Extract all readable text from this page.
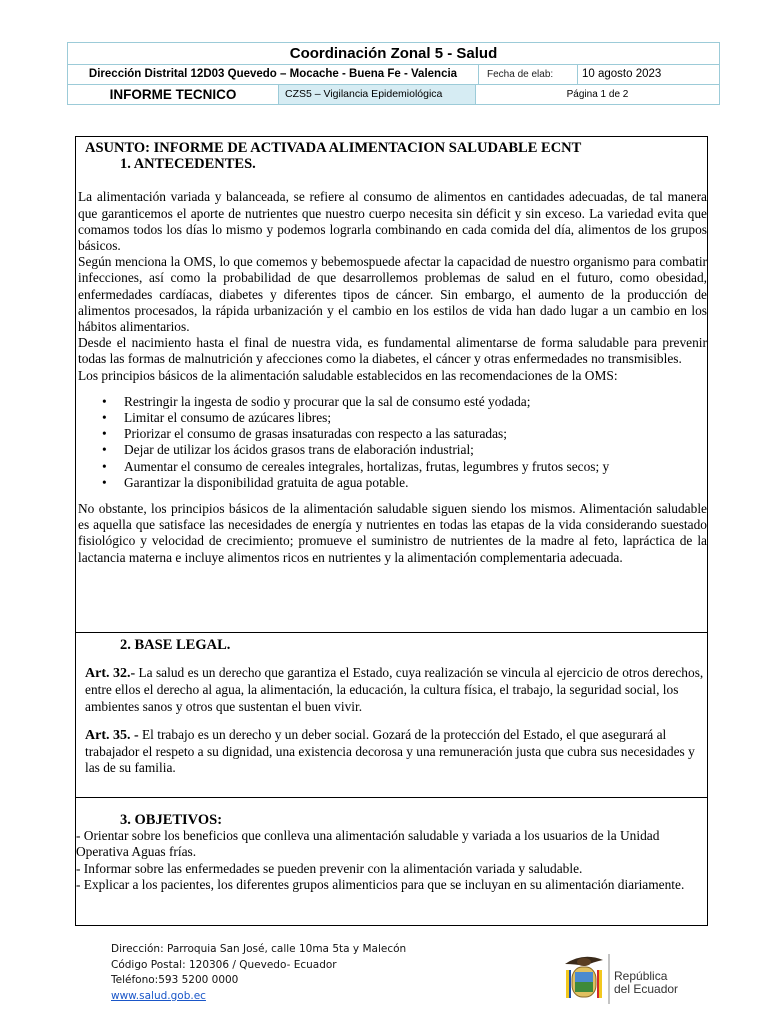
Coordinación Zonal 5 - Salud
Dirección Distrital 12D03 Quevedo – Mocache - Buena Fe - Valencia	Fecha de elab:	10 agosto 2023
INFORME TECNICO	CZS5 – Vigilancia Epidemiológica	Página 1 de 2
ASUNTO: INFORME DE ACTIVADA ALIMENTACION SALUDABLE ECNT
1. ANTECEDENTES.

La alimentación variada y balanceada, se refiere al consumo de alimentos en cantidades adecuadas, de tal manera que garanticemos el aporte de nutrientes que nuestro cuerpo necesita sin déficit y sin exceso. La variedad evita que comamos todos los días lo mismo y podemos lograrla combinando en cada comida del día, alimentos de los grupos básicos.

Según menciona la OMS, lo que comemos y bebemospuede afectar la capacidad de nuestro organismo para combatir infecciones, así como la probabilidad de que desarrollemos problemas de salud en el futuro, como obesidad, enfermedades cardíacas, diabetes y diferentes tipos de cáncer. Sin embargo, el aumento de la producción de alimentos procesados, la rápida urbanización y el cambio en los estilos de vida han dado lugar a un cambio en los hábitos alimentarios.

Desde el nacimiento hasta el final de nuestra vida, es fundamental alimentarse de forma saludable para prevenir todas las formas de malnutrición y afecciones como la diabetes, el cáncer y otras enfermedades no transmisibles.

Los principios básicos de la alimentación saludable establecidos en las recomendaciones de la OMS:

• Restringir la ingesta de sodio y procurar que la sal de consumo esté yodada;
• Limitar el consumo de azúcares libres;
• Priorizar el consumo de grasas insaturadas con respecto a las saturadas;
• Dejar de utilizar los ácidos grasos trans de elaboración industrial;
• Aumentar el consumo de cereales integrales, hortalizas, frutas, legumbres y frutos secos; y
• Garantizar la disponibilidad gratuita de agua potable.

No obstante, los principios básicos de la alimentación saludable siguen siendo los mismos. Alimentación saludable es aquella que satisface las necesidades de energía y nutrientes en todas las etapas de la vida considerando suestado fisiológico y velocidad de crecimiento; promueve el suministro de nutrientes de la madre al feto, lapráctica de la lactancia materna e incluye alimentos ricos en nutrientes y la alimentación complementaria adecuada.

2. BASE LEGAL.

Art. 32.- La salud es un derecho que garantiza el Estado, cuya realización se vincula al ejercicio de otros derechos, entre ellos el derecho al agua, la alimentación, la educación, la cultura física, el trabajo, la seguridad social, los ambientes sanos y otros que sustentan el buen vivir.

Art. 35. - El trabajo es un derecho y un deber social. Gozará de la protección del Estado, el que asegurará al trabajador el respeto a su dignidad, una existencia decorosa y una remuneración justa que cubra sus necesidades y las de su familia.

3. OBJETIVOS:

- Orientar sobre los beneficios que conlleva una alimentación saludable y variada a los usuarios de la Unidad Operativa Aguas frías.

- Informar sobre las enfermedades se pueden prevenir con la alimentación variada y saludable.

- Explicar a los pacientes, los diferentes grupos alimenticios para que se incluyan en su alimentación diariamente.

Dirección: Parroquia San José, calle 10ma 5ta y Malecón
Código Postal: 120306 / Quevedo- Ecuador
Teléfono:593 5200 0000
www.salud.gob.ec
República
del Ecuador
